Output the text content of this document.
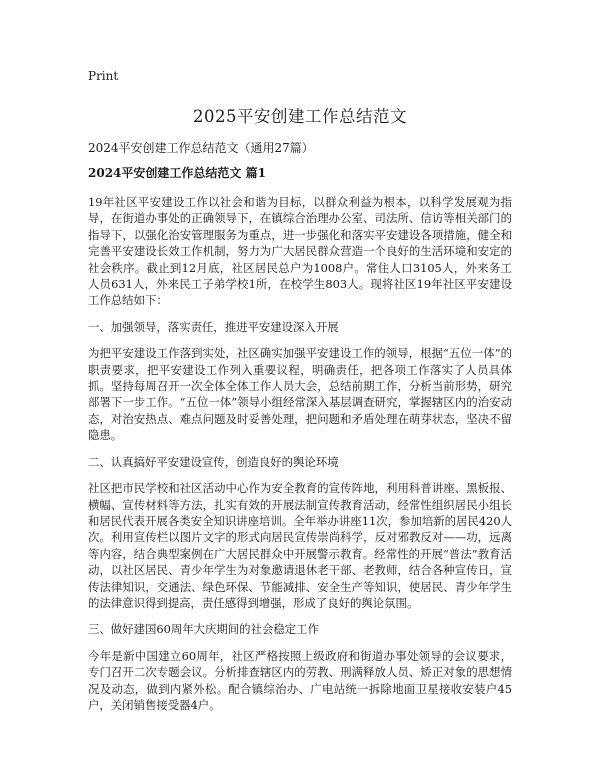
Print
2025平安创建工作总结范文
2024平安创建工作总结范文（通用27篇）
2024平安创建工作总结范文 篇1

19年社区平安建设工作以社会和谐为目标，以群众利益为根本，以科学发展观为指导，在街道办事处的正确领导下，在镇综合治理办公室、司法所、信访等相关部门的指导下，以强化治安管理服务为重点，进一步强化和落实平安建设各项措施，健全和完善平安建设长效工作机制，努力为广大居民群众营造一个良好的生活环境和安定的社会秩序。截止到12月底，社区居民总户为1008户。常住人口3105人，外来务工人员631人，外来民工子弟学校1所，在校学生803人。现将社区19年社区平安建设工作总结如下：

一、加强领导，落实责任，推进平安建设深入开展

为把平安建设工作落到实处，社区确实加强平安建设工作的领导，根据“五位一体”的职责要求，把平安建设工作列入重要议程，明确责任，把各项工作落实了人员具体抓。坚持每周召开一次全体全体工作人员大会，总结前期工作，分析当前形势，研究部署下一步工作。“五位一体”领导小组经常深入基层调查研究，掌握辖区内的治安动态，对治安热点、难点问题及时妥善处理，把问题和矛盾处理在萌芽状态，坚决不留隐患。

二、认真搞好平安建设宣传，创造良好的舆论环境

社区把市民学校和社区活动中心作为安全教育的宣传阵地，利用科普讲座、黑板报、横幅、宣传材料等方法，扎实有效的开展法制宣传教育活动，经常性组织居民小组长和居民代表开展各类安全知识讲座培训。全年举办讲座11次，参加培新的居民420人次。利用宣传栏以图片文字的形式向居民宣传崇尚科学，反对邪教反对——功，远离等内容，结合典型案例在广大居民群众中开展警示教育。经常性的开展“普法”教育活动，以社区居民、青少年学生为对象邀请退休老干部、老教师，结合各种宣传日，宣传法律知识，交通法、绿色环保、节能减排、安全生产等知识，使居民、青少年学生的法律意识得到提高，责任感得到增强，形成了良好的舆论氛围。

三、做好建国60周年大庆期间的社会稳定工作

今年是新中国建立60周年，社区严格按照上级政府和街道办事处领导的会议要求，专门召开二次专题会议。分析排查辖区内的劳教、刑满释放人员、矫正对象的思想情况及动态，做到内紧外松。配合镇综治办、广电站统一拆除地面卫星接收安装户45户，关闭销售接受器4户。
